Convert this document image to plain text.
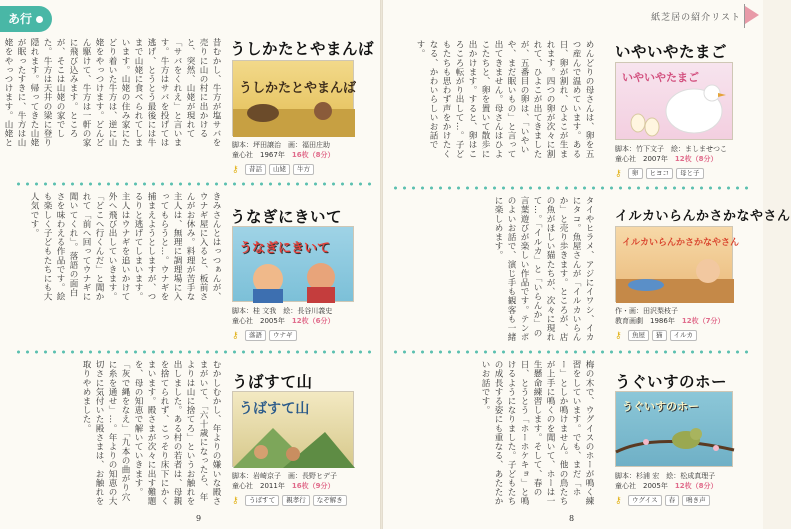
あ行
昔むかし、牛方が塩サバを売りに山の村に出かけると、突然、山姥が現れて「サバをくれえ」と言います。牛方はサバを投げては逃げ、とうとう最後には牛まで山姥に食べられてしまいます。山姥の住み家にたどり着いた牛方は、逆に山姥をやっつけます。どんどん駆けて、牛方は一軒の家に飛び込みます。ところが、そこは山姥の家でした。牛方は天井の梁に登り隠れます。帰ってきた山姥が眠ったすきに、牛方は山姥をやっつけます。山姥と
うしかたとやまんば
うしかたとやまんば
脚本：坪田譲治　画：福田庄助
童心社　1967年　 16枚（8分）
⚷	昔話	山姥	牛方
きみさんとはっつぁんが、ウナギ屋に入ると、板前さんがお休み。料理が苦手な主人は、無理に調理場に入ってもらうと…。ウナギを捕まえようとしますが、つるりと逃げてしまいます。主人はウナギを追いかけて外へ飛び出していきます。「どこへ行くんだ」と聞かれて「前へ回ってウナギに聞いてくれ」。落語の面白さを味わえる作品です。絵も楽しく子どもたちにも大人気です。	うなぎにきいて
うなぎにきいて
脚本：桂 文我　絵：長谷川義史
童心社　2005年　 12枚（6分）
⚷	落語	ウナギ
むかしむかし、年よりの嫌いな殿さまがいて、「六十歳になったら、年よりは山に捨てろ」というお触れを出しました。ある村の若者は、母親を捨てられず、こっそり床下にかくまいます。殿さまが次々に出す難題を、母の知恵で解いていきます。「灰で縄をなえ」「九本の曲がり穴に糸を通せ」…。年よりの知恵の大切さに気付いた殿さまは、お触れを取りやめました。	うばすて山
うばすて山
脚本：岩崎京子　画：長野ヒデ子
童心社　2011年　 16枚（9分）
⚷	うばすて	親孝行	なぞ解き
9
紙芝居の紹介リスト
めんどりの母さんは、卵を五つ産んで温めています。ある日、卵が割れ、ひよこが生まれます。四つの卵が次々に割れて、ひよこが出てきましたが、五番目の卵は、「いやいや、まだ眠いもの」と言って出てきません。母さんはひよこたちと、卵を置いて散歩に出かけます。すると、卵はころころ転がり出して…。子どもたちも思わず声をかけたくなる、かわいらしいお話です。	いやいやたまご
いやいやたまご
脚本：竹下文子　絵：ましませつこ
童心社　2007年　 12枚（8分）
⚷	卵	ヒヨコ	母と子
タイやヒラメ、アジにイワシ、イカにタコ。魚屋さんが「イルカいらんか」と売り歩きます。ところが、店の魚がほしい猫たちが、次々に現れて…。「イルカ」と「いらんか」の言葉遊びが楽しい作品です。テンポのよいお話で、演じ手も観客も一緒に楽しめます。	イルカいらんかさかなやさん
イルカいらんかさかなやさん
作・画：田沢梨枝子
教育画劇　1986年　 12枚（7分）
⚷	魚屋	猫	イルカ
梅の木で、ウグイスのホーが鳴く練習をしています。でも、まだ「ホー」としか鳴けません。他の鳥たちが上手に鳴くのを聞いて、ホーは一生懸命練習します。そして、春の日、とうとう「ホーホケキョ」と鳴けるようになりました。子どもたちの成長する姿にも重なる、あたたかいお話です。	うぐいすのホー
うぐいすのホー
脚本：杉浦 宏　絵：松成真理子
童心社　2005年　 12枚（8分）
⚷	ウグイス	春	鳴き声
8
